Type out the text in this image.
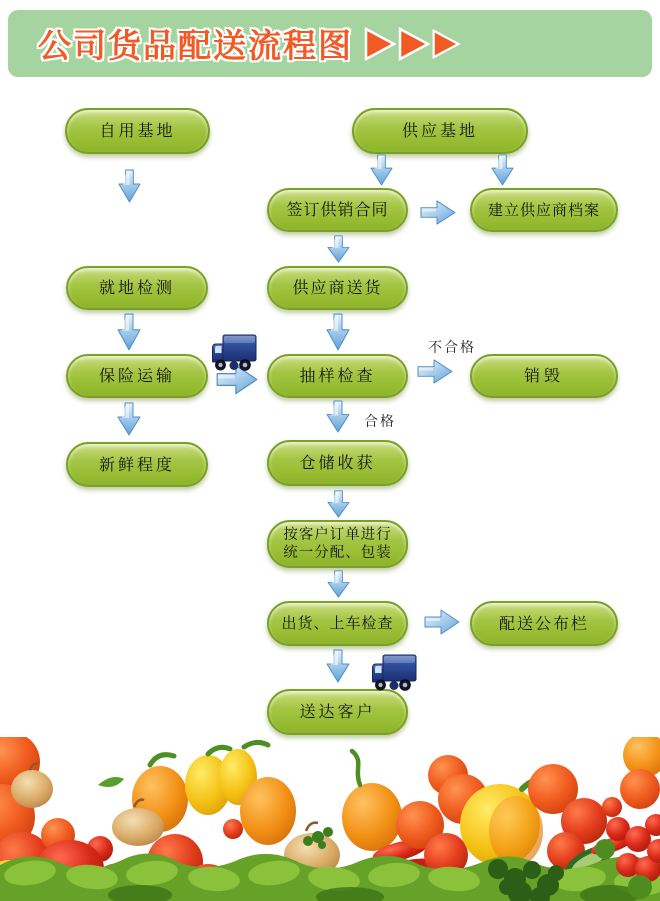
公司货品配送流程图
自用基地	供应基地
签订供销合同	建立供应商档案
就地检测	供应商送货
保险运输	抽样检查	销毁
新鲜程度	仓储收获
按客户订单进行
统一分配、包装
出货、上车检查	配送公布栏
送达客户
不合格
合格
